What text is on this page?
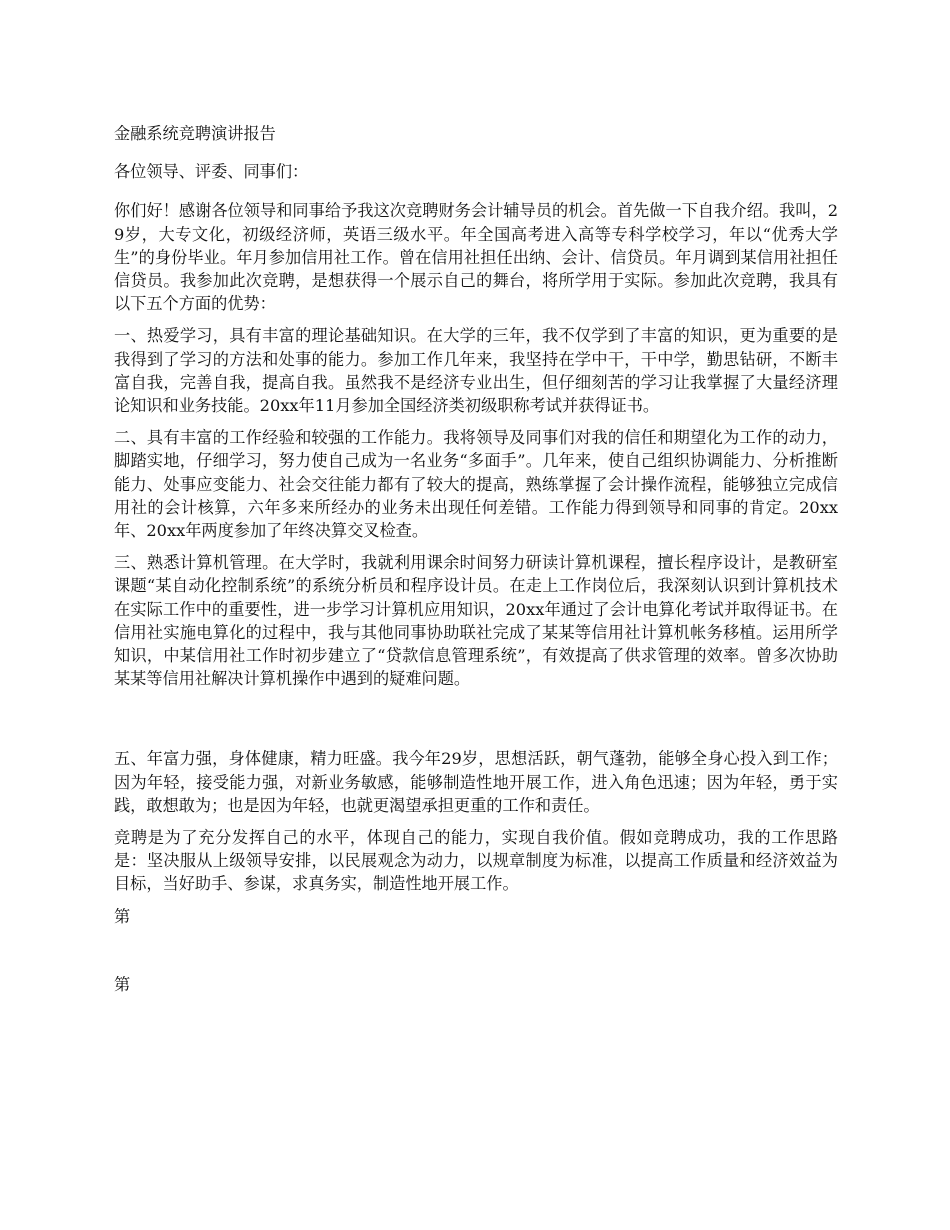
金融系统竞聘演讲报告

各位领导、评委、同事们：

你们好！感谢各位领导和同事给予我这次竞聘财务会计辅导员的机会。首先做一下自我介绍。我叫，29岁，大专文化，初级经济师，英语三级水平。年全国高考进入高等专科学校学习，年以“优秀大学生”的身份毕业。年月参加信用社工作。曾在信用社担任出纳、会计、信贷员。年月调到某信用社担任信贷员。我参加此次竞聘，是想获得一个展示自己的舞台，将所学用于实际。参加此次竞聘，我具有以下五个方面的优势：

一、热爱学习，具有丰富的理论基础知识。在大学的三年，我不仅学到了丰富的知识，更为重要的是我得到了学习的方法和处事的能力。参加工作几年来，我坚持在学中干，干中学，勤思钻研，不断丰富自我，完善自我，提高自我。虽然我不是经济专业出生，但仔细刻苦的学习让我掌握了大量经济理论知识和业务技能。20xx年11月参加全国经济类初级职称考试并获得证书。

二、具有丰富的工作经验和较强的工作能力。我将领导及同事们对我的信任和期望化为工作的动力，脚踏实地，仔细学习，努力使自己成为一名业务“多面手”。几年来，使自己组织协调能力、分析推断能力、处事应变能力、社会交往能力都有了较大的提高，熟练掌握了会计操作流程，能够独立完成信用社的会计核算，六年多来所经办的业务未出现任何差错。工作能力得到领导和同事的肯定。20xx年、20xx年两度参加了年终决算交叉检查。

三、熟悉计算机管理。在大学时，我就利用课余时间努力研读计算机课程，擅长程序设计，是教研室课题“某自动化控制系统”的系统分析员和程序设计员。在走上工作岗位后，我深刻认识到计算机技术在实际工作中的重要性，进一步学习计算机应用知识，20xx年通过了会计电算化考试并取得证书。在信用社实施电算化的过程中，我与其他同事协助联社完成了某某等信用社计算机帐务移植。运用所学知识，中某信用社工作时初步建立了“贷款信息管理系统”，有效提高了供求管理的效率。曾多次协助某某等信用社解决计算机操作中遇到的疑难问题。

五、年富力强，身体健康，精力旺盛。我今年29岁，思想活跃，朝气蓬勃，能够全身心投入到工作；因为年轻，接受能力强，对新业务敏感，能够制造性地开展工作，进入角色迅速；因为年轻，勇于实践，敢想敢为；也是因为年轻，也就更渴望承担更重的工作和责任。

竞聘是为了充分发挥自己的水平，体现自己的能力，实现自我价值。假如竞聘成功，我的工作思路是：坚决服从上级领导安排，以民展观念为动力，以规章制度为标准，以提高工作质量和经济效益为目标，当好助手、参谋，求真务实，制造性地开展工作。

第

第
